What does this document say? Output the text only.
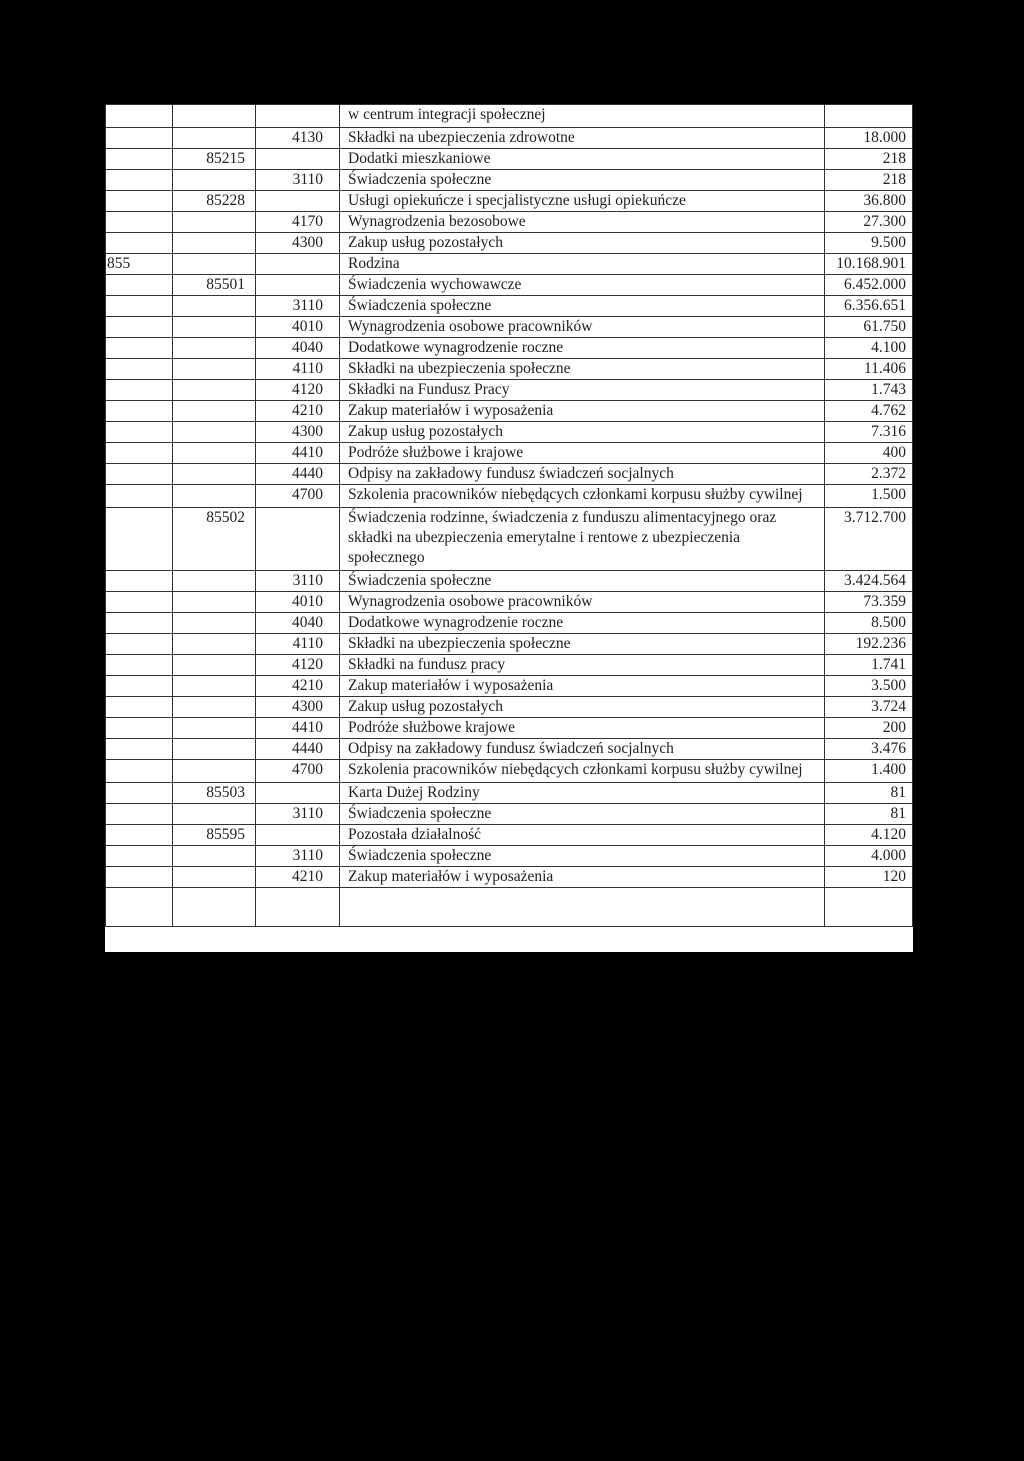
			w centrum integracji społecznej	
		4130	Składki na ubezpieczenia zdrowotne	18.000
	85215		Dodatki mieszkaniowe	218
		3110	Świadczenia społeczne	218
	85228		Usługi opiekuńcze i specjalistyczne usługi opiekuńcze	36.800
		4170	Wynagrodzenia bezosobowe	27.300
		4300	Zakup usług pozostałych	9.500
855			Rodzina	10.168.901
	85501		Świadczenia wychowawcze	6.452.000
		3110	Świadczenia społeczne	6.356.651
		4010	Wynagrodzenia osobowe pracowników	61.750
		4040	Dodatkowe wynagrodzenie roczne	4.100
		4110	Składki na ubezpieczenia społeczne	11.406
		4120	Składki na Fundusz Pracy	1.743
		4210	Zakup materiałów i wyposażenia	4.762
		4300	Zakup usług pozostałych	7.316
		4410	Podróże służbowe i krajowe	400
		4440	Odpisy na zakładowy fundusz świadczeń socjalnych	2.372
		4700	Szkolenia pracowników niebędących członkami korpusu służby cywilnej	1.500
	85502		Świadczenia rodzinne, świadczenia z funduszu alimentacyjnego oraz składki na ubezpieczenia emerytalne i rentowe z ubezpieczenia społecznego	3.712.700
		3110	Świadczenia społeczne	3.424.564
		4010	Wynagrodzenia osobowe pracowników	73.359
		4040	Dodatkowe wynagrodzenie roczne	8.500
		4110	Składki na ubezpieczenia społeczne	192.236
		4120	Składki na fundusz pracy	1.741
		4210	Zakup materiałów i wyposażenia	3.500
		4300	Zakup usług pozostałych	3.724
		4410	Podróże służbowe krajowe	200
		4440	Odpisy na zakładowy fundusz świadczeń socjalnych	3.476
		4700	Szkolenia pracowników niebędących członkami korpusu służby cywilnej	1.400
	85503		Karta Dużej Rodziny	81
		3110	Świadczenia społeczne	81
	85595		Pozostała działalność	4.120
		3110	Świadczenia społeczne	4.000
		4210	Zakup materiałów i wyposażenia	120
